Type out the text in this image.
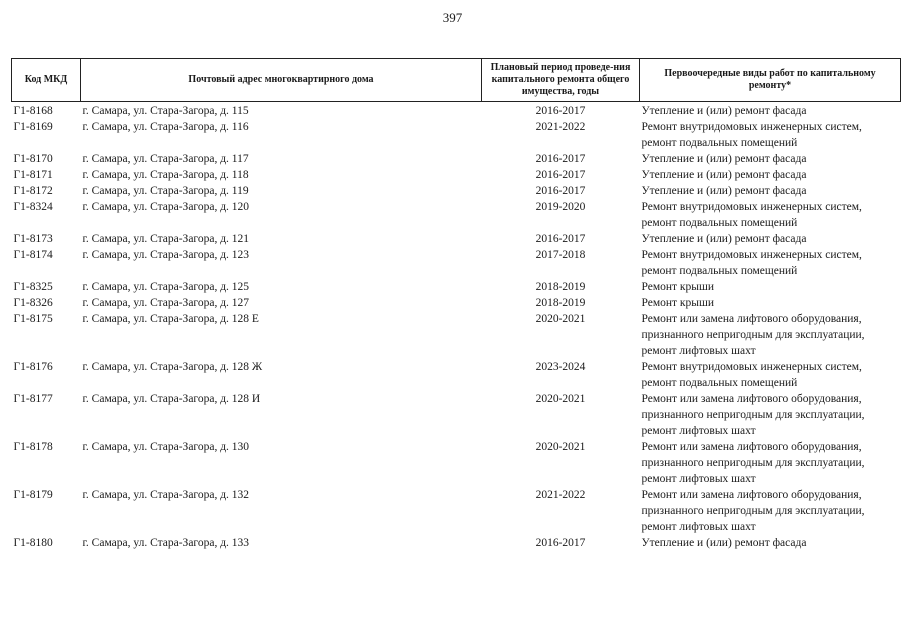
397
Код МКД	Почтовый адрес многоквартирного дома	Плановый период проведе-ния капитального ремонта общего имущества, годы	Первоочередные виды работ по капитальному ремонту*
Г1-8168	г. Самара, ул. Стара-Загора, д. 115	2016-2017	Утепление и (или) ремонт фасада

Г1-8169	г. Самара, ул. Стара-Загора, д. 116	2021-2022	Ремонт внутридомовых инженерных систем,
ремонт подвальных помещений

Г1-8170	г. Самара, ул. Стара-Загора, д. 117	2016-2017	Утепление и (или) ремонт фасада

Г1-8171	г. Самара, ул. Стара-Загора, д. 118	2016-2017	Утепление и (или) ремонт фасада

Г1-8172	г. Самара, ул. Стара-Загора, д. 119	2016-2017	Утепление и (или) ремонт фасада

Г1-8324	г. Самара, ул. Стара-Загора, д. 120	2019-2020	Ремонт внутридомовых инженерных систем,
ремонт подвальных помещений

Г1-8173	г. Самара, ул. Стара-Загора, д. 121	2016-2017	Утепление и (или) ремонт фасада

Г1-8174	г. Самара, ул. Стара-Загора, д. 123	2017-2018	Ремонт внутридомовых инженерных систем,
ремонт подвальных помещений

Г1-8325	г. Самара, ул. Стара-Загора, д. 125	2018-2019	Ремонт крыши

Г1-8326	г. Самара, ул. Стара-Загора, д. 127	2018-2019	Ремонт крыши

Г1-8175	г. Самара, ул. Стара-Загора, д. 128 Е	2020-2021	Ремонт или замена лифтового оборудования,
признанного непригодным для эксплуатации,
ремонт лифтовых шахт

Г1-8176	г. Самара, ул. Стара-Загора, д. 128 Ж	2023-2024	Ремонт внутридомовых инженерных систем,
ремонт подвальных помещений

Г1-8177	г. Самара, ул. Стара-Загора, д. 128 И	2020-2021	Ремонт или замена лифтового оборудования,
признанного непригодным для эксплуатации,
ремонт лифтовых шахт

Г1-8178	г. Самара, ул. Стара-Загора, д. 130	2020-2021	Ремонт или замена лифтового оборудования,
признанного непригодным для эксплуатации,
ремонт лифтовых шахт

Г1-8179	г. Самара, ул. Стара-Загора, д. 132	2021-2022	Ремонт или замена лифтового оборудования,
признанного непригодным для эксплуатации,
ремонт лифтовых шахт

Г1-8180	г. Самара, ул. Стара-Загора, д. 133	2016-2017	Утепление и (или) ремонт фасада
